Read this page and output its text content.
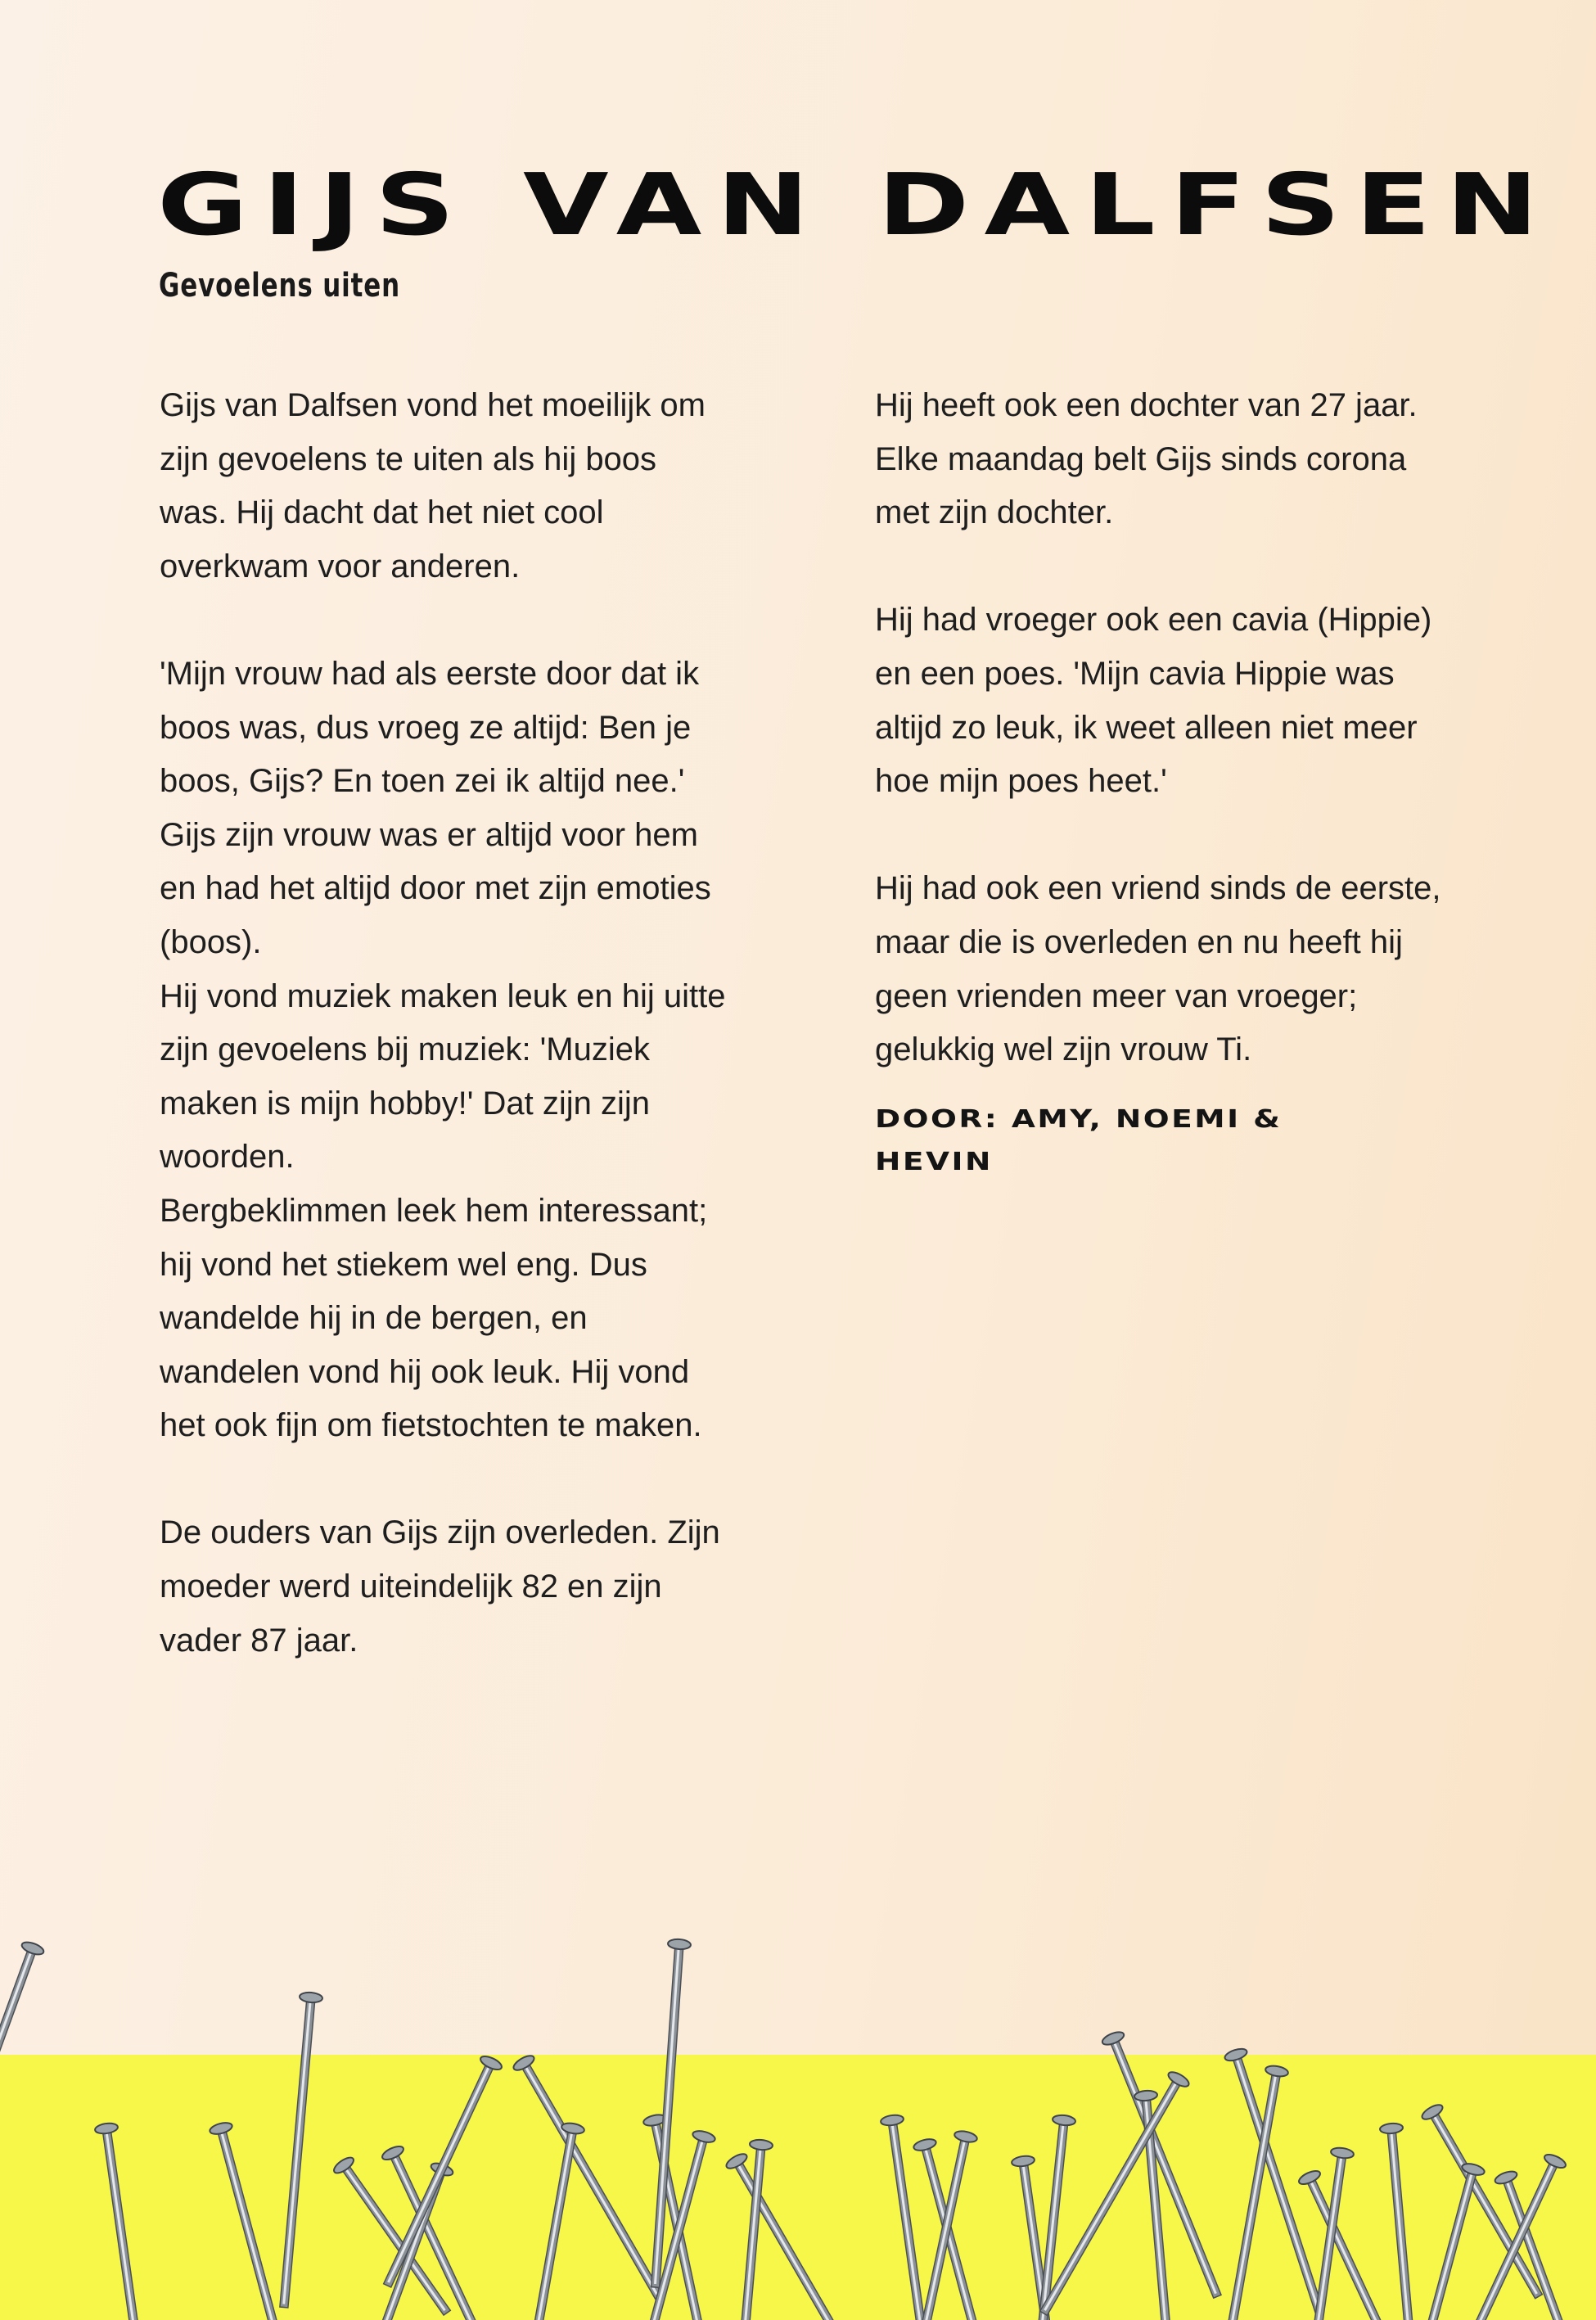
GIJS VAN DALFSEN
Gevoelens uiten

Gijs van Dalfsen vond het moeilijk om zijn gevoelens te uiten als hij boos was. Hij dacht dat het niet cool overkwam voor anderen.

'Mijn vrouw had als eerste door dat ik boos was, dus vroeg ze altijd: Ben je boos, Gijs? En toen zei ik altijd nee.' Gijs zijn vrouw was er altijd voor hem en had het altijd door met zijn emoties (boos).

Hij vond muziek maken leuk en hij uitte zijn gevoelens bij muziek: 'Muziek maken is mijn hobby!' Dat zijn zijn woorden.

Bergbeklimmen leek hem interessant; hij vond het stiekem wel eng. Dus wandelde hij in de bergen, en wandelen vond hij ook leuk. Hij vond het ook fijn om fietstochten te maken.

De ouders van Gijs zijn overleden. Zijn moeder werd uiteindelijk 82 en zijn vader 87 jaar.

Hij heeft ook een dochter van 27 jaar. Elke maandag belt Gijs sinds corona met zijn dochter.

Hij had vroeger ook een cavia (Hippie) en een poes. 'Mijn cavia Hippie was altijd zo leuk, ik weet alleen niet meer hoe mijn poes heet.'

Hij had ook een vriend sinds de eerste, maar die is overleden en nu heeft hij geen vrienden meer van vroeger; gelukkig wel zijn vrouw Ti.

DOOR: AMY, NOEMI & HEVIN
